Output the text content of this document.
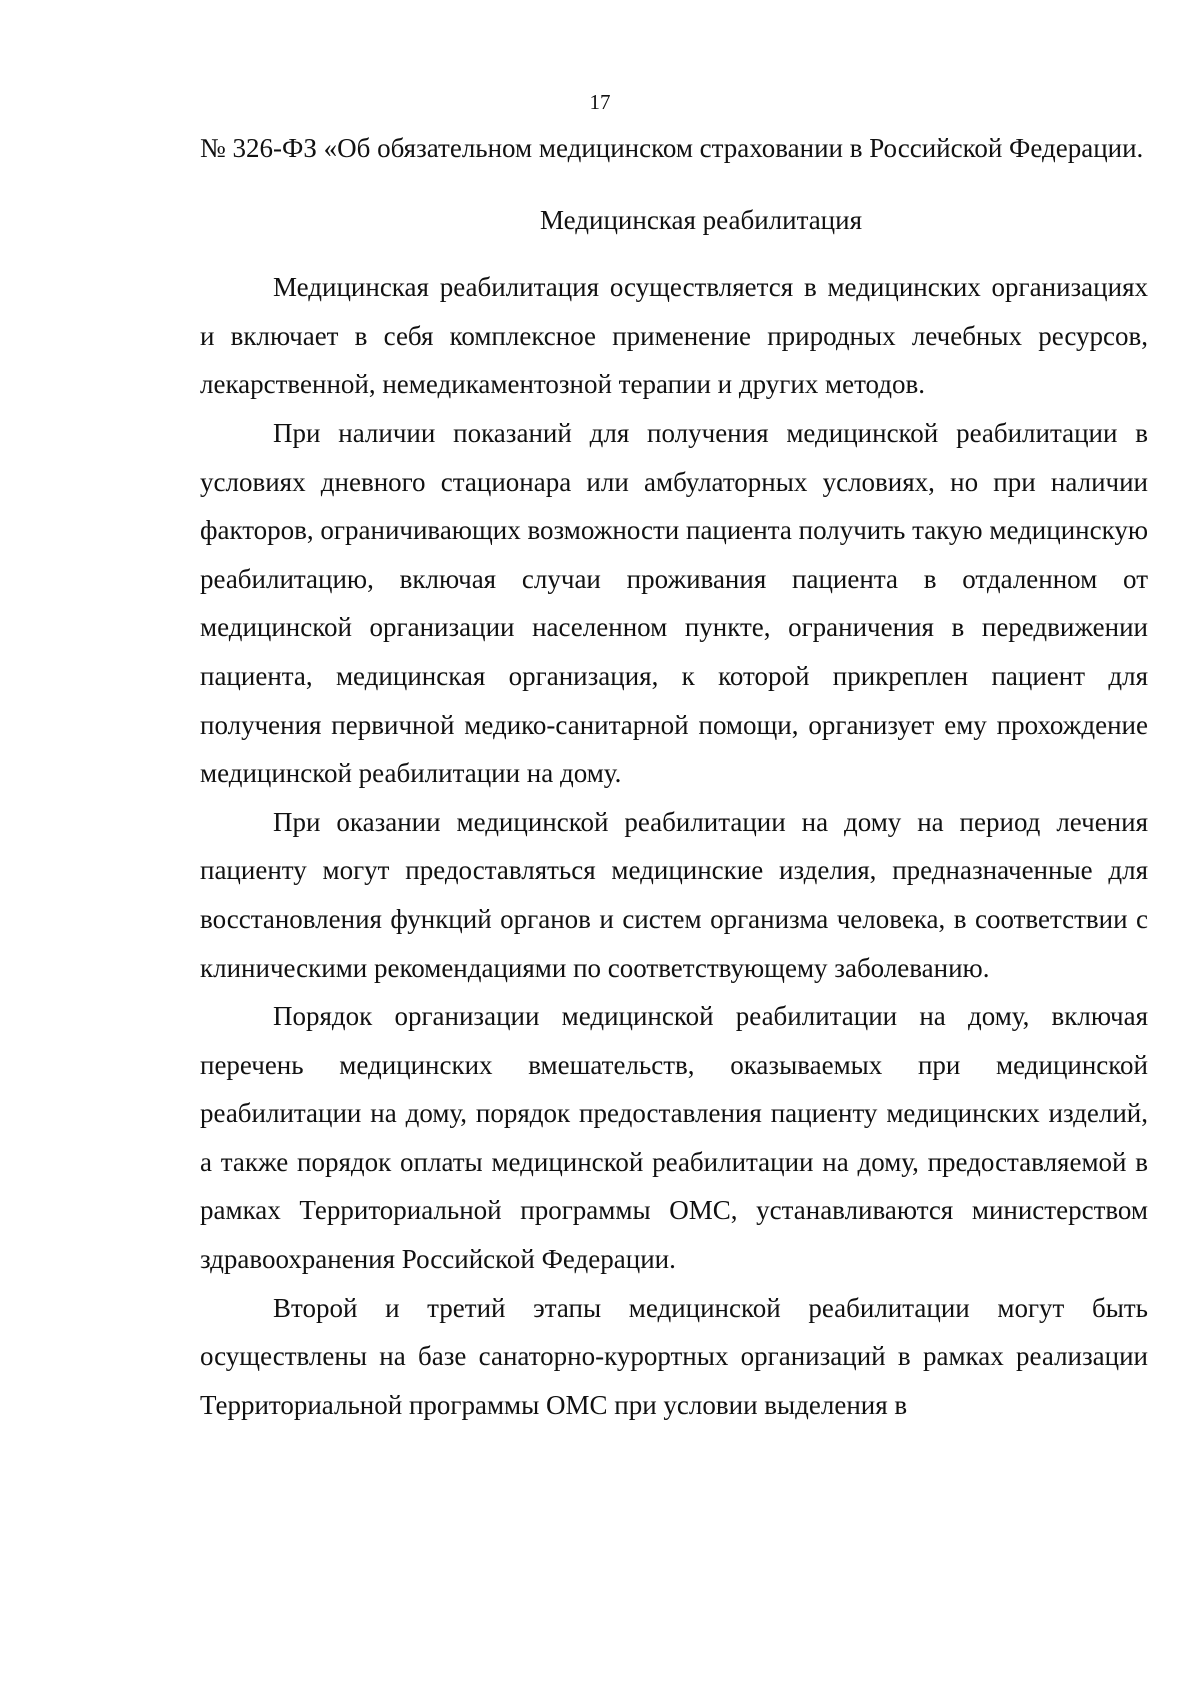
17

№ 326-ФЗ «Об обязательном медицинском страховании в Российской Федерации.

Медицинская реабилитация

Медицинская реабилитация осуществляется в медицинских организациях и включает в себя комплексное применение природных лечебных ресурсов, лекарственной, немедикаментозной терапии и других методов.

При наличии показаний для получения медицинской реабилитации в условиях дневного стационара или амбулаторных условиях, но при наличии факторов, ограничивающих возможности пациента получить такую медицинскую реабилитацию, включая случаи проживания пациента в отдаленном от медицинской организации населенном пункте, ограничения в передвижении пациента, медицинская организация, к которой прикреплен пациент для получения первичной медико-санитарной помощи, организует ему прохождение медицинской реабилитации на дому.

При оказании медицинской реабилитации на дому на период лечения пациенту могут предоставляться медицинские изделия, предназначенные для восстановления функций органов и систем организма человека, в соответствии с клиническими рекомендациями по соответствующему заболеванию.

Порядок организации медицинской реабилитации на дому, включая перечень медицинских вмешательств, оказываемых при медицинской реабилитации на дому, порядок предоставления пациенту медицинских изделий, а также порядок оплаты медицинской реабилитации на дому, предоставляемой в рамках Территориальной программы ОМС, устанавливаются министерством здравоохранения Российской Федерации.

Второй и третий этапы медицинской реабилитации могут быть осуществлены на базе санаторно-курортных организаций в рамках реализации Территориальной программы ОМС при условии выделения в
